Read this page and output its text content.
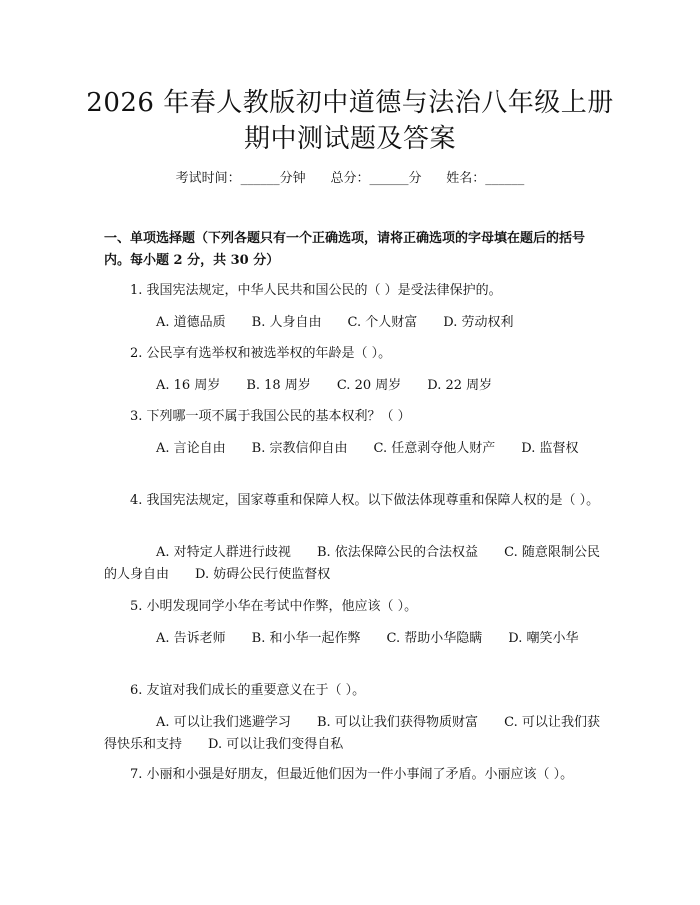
2026 年春人教版初中道德与法治八年级上册
期中测试题及答案
考试时间：______分钟 总分：______分 姓名：______
一、单项选择题（下列各题只有一个正确选项，请将正确选项的字母填在题后的括号内。每小题 2 分，共 30 分）
1. 我国宪法规定，中华人民共和国公民的（ ）是受法律保护的。
A. 道德品质 B. 人身自由 C. 个人财富 D. 劳动权利
2. 公民享有选举权和被选举权的年龄是（ ）。
A. 16 周岁 B. 18 周岁 C. 20 周岁 D. 22 周岁
3. 下列哪一项不属于我国公民的基本权利？（ ）
A. 言论自由 B. 宗教信仰自由 C. 任意剥夺他人财产 D. 监督权
4. 我国宪法规定，国家尊重和保障人权。以下做法体现尊重和保障人权的是（ ）。
A. 对特定人群进行歧视 B. 依法保障公民的合法权益 C. 随意限制公民的人身自由 D. 妨碍公民行使监督权
5. 小明发现同学小华在考试中作弊，他应该（ ）。
A. 告诉老师 B. 和小华一起作弊 C. 帮助小华隐瞒 D. 嘲笑小华
6. 友谊对我们成长的重要意义在于（ ）。
A. 可以让我们逃避学习 B. 可以让我们获得物质财富 C. 可以让我们获得快乐和支持 D. 可以让我们变得自私
7. 小丽和小强是好朋友，但最近他们因为一件小事闹了矛盾。小丽应该（ ）。
